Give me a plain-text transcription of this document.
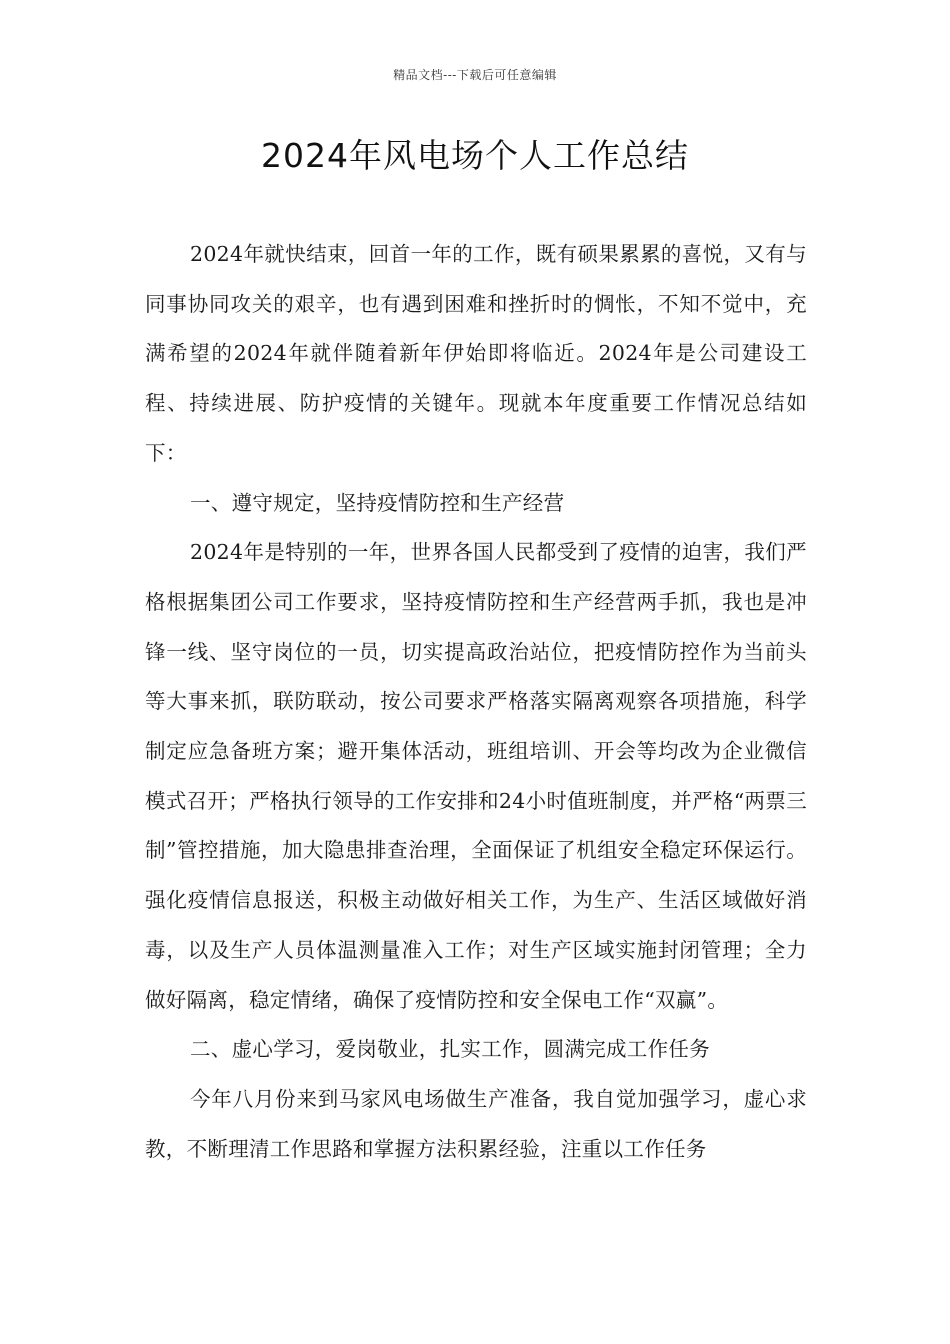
精品文档---下载后可任意编辑
2024年风电场个人工作总结

2024年就快结束，回首一年的工作，既有硕果累累的喜悦，又有与同事协同攻关的艰辛，也有遇到困难和挫折时的惆怅，不知不觉中，充满希望的2024年就伴随着新年伊始即将临近。2024年是公司建设工程、持续进展、防护疫情的关键年。现就本年度重要工作情况总结如下：

一、遵守规定，坚持疫情防控和生产经营

2024年是特别的一年，世界各国人民都受到了疫情的迫害，我们严格根据集团公司工作要求，坚持疫情防控和生产经营两手抓，我也是冲锋一线、坚守岗位的一员，切实提高政治站位，把疫情防控作为当前头等大事来抓，联防联动，按公司要求严格落实隔离观察各项措施，科学制定应急备班方案；避开集体活动，班组培训、开会等均改为企业微信模式召开；严格执行领导的工作安排和24小时值班制度，并严格“两票三制”管控措施，加大隐患排查治理，全面保证了机组安全稳定环保运行。强化疫情信息报送，积极主动做好相关工作，为生产、生活区域做好消毒，以及生产人员体温测量准入工作；对生产区域实施封闭管理；全力做好隔离，稳定情绪，确保了疫情防控和安全保电工作“双赢”。

二、虚心学习，爱岗敬业，扎实工作，圆满完成工作任务

今年八月份来到马家风电场做生产准备，我自觉加强学习，虚心求教，不断理清工作思路和掌握方法积累经验，注重以工作任务
